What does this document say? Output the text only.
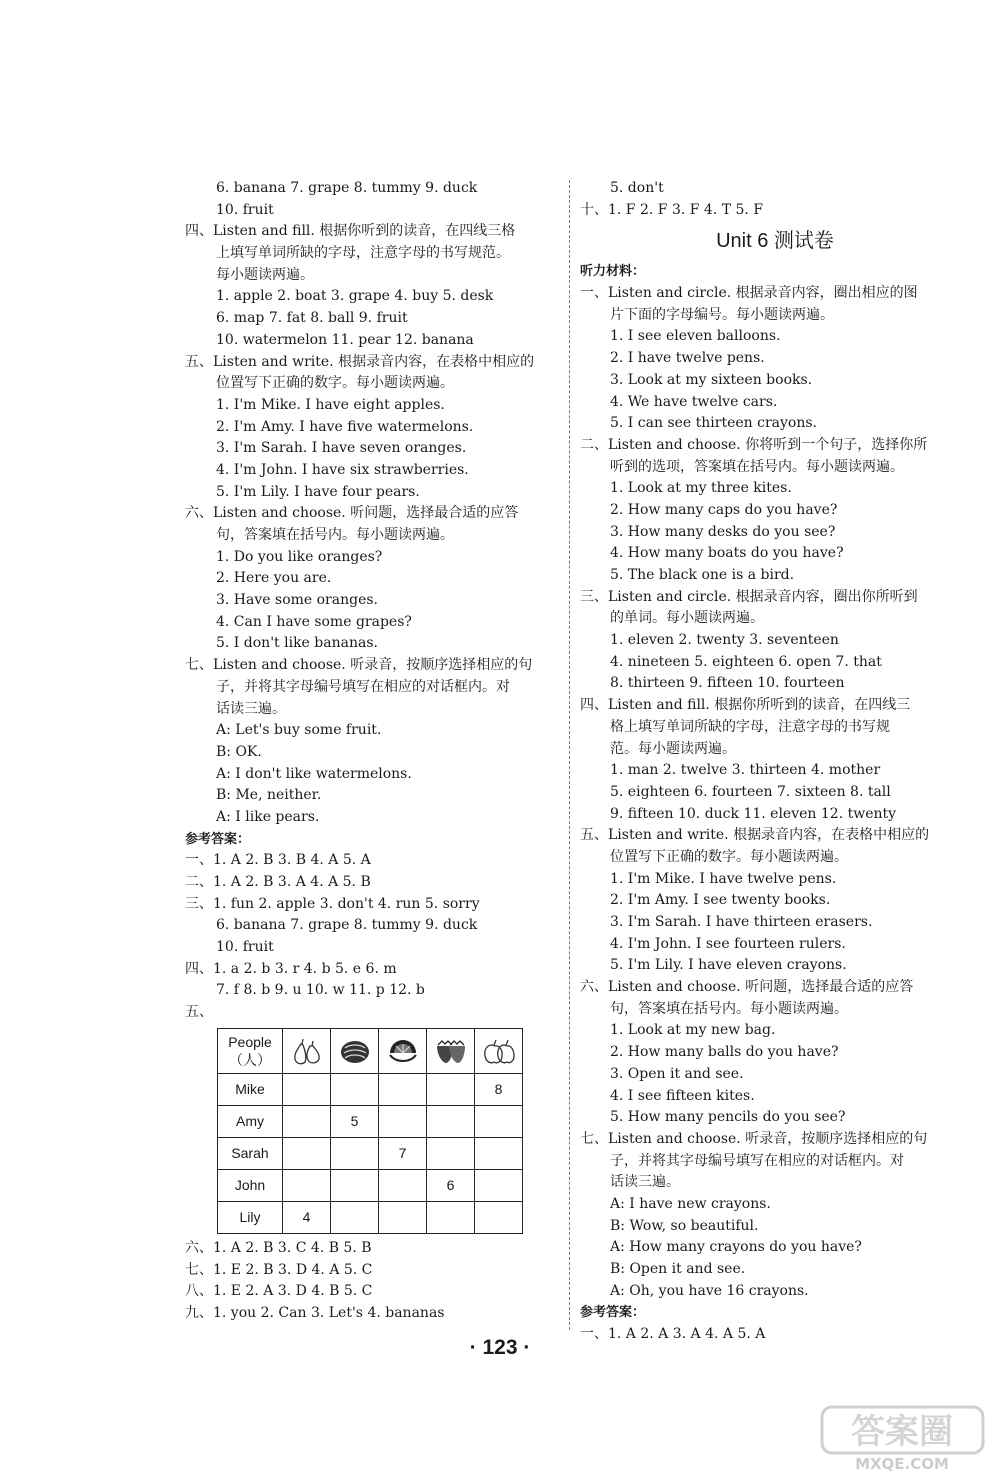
6. banana 7. grape 8. tummy 9. duck
10. fruit
四、Listen and fill. 根据你听到的读音，在四线三格
上填写单词所缺的字母，注意字母的书写规范。
每小题读两遍。
1. apple 2. boat 3. grape 4. buy 5. desk
6. map 7. fat 8. ball 9. fruit
10. watermelon 11. pear 12. banana
五、Listen and write. 根据录音内容，在表格中相应的
位置写下正确的数字。每小题读两遍。
1. I'm Mike. I have eight apples.
2. I'm Amy. I have five watermelons.
3. I'm Sarah. I have seven oranges.
4. I'm John. I have six strawberries.
5. I'm Lily. I have four pears.
六、Listen and choose. 听问题，选择最合适的应答
句，答案填在括号内。每小题读两遍。
1. Do you like oranges?
2. Here you are.
3. Have some oranges.
4. Can I have some grapes?
5. I don't like bananas.
七、Listen and choose. 听录音，按顺序选择相应的句
子，并将其字母编号填写在相应的对话框内。对
话读三遍。
A: Let's buy some fruit.
B: OK.
A: I don't like watermelons.
B: Me, neither.
A: I like pears.
参考答案：
一、1. A 2. B 3. B 4. A 5. A
二、1. A 2. B 3. A 4. A 5. B
三、1. fun 2. apple 3. don't 4. run 5. sorry
6. banana 7. grape 8. tummy 9. duck
10. fruit
四、1. a 2. b 3. r 4. b 5. e 6. m
7. f 8. b 9. u 10. w 11. p 12. b
五、
People
（人）	

Mike					8
Amy		5			
Sarah			7		
John				6	
Lily	4				
六、1. A 2. B 3. C 4. B 5. B
七、1. E 2. B 3. D 4. A 5. C
八、1. E 2. A 3. D 4. B 5. C
九、1. you 2. Can 3. Let's 4. bananas
5. don't
十、1. F 2. F 3. F 4. T 5. F
Unit 6 测试卷
听力材料：
一、Listen and circle. 根据录音内容，圈出相应的图
片下面的字母编号。每小题读两遍。
1. I see eleven balloons.
2. I have twelve pens.
3. Look at my sixteen books.
4. We have twelve cars.
5. I can see thirteen crayons.
二、Listen and choose. 你将听到一个句子，选择你所
听到的选项，答案填在括号内。每小题读两遍。
1. Look at my three kites.
2. How many caps do you have?
3. How many desks do you see?
4. How many boats do you have?
5. The black one is a bird.
三、Listen and circle. 根据录音内容，圈出你所听到
的单词。每小题读两遍。
1. eleven 2. twenty 3. seventeen
4. nineteen 5. eighteen 6. open 7. that
8. thirteen 9. fifteen 10. fourteen
四、Listen and fill. 根据你所听到的读音，在四线三
格上填写单词所缺的字母，注意字母的书写规
范。每小题读两遍。
1. man 2. twelve 3. thirteen 4. mother
5. eighteen 6. fourteen 7. sixteen 8. tall
9. fifteen 10. duck 11. eleven 12. twenty
五、Listen and write. 根据录音内容，在表格中相应的
位置写下正确的数字。每小题读两遍。
1. I'm Mike. I have twelve pens.
2. I'm Amy. I see twenty books.
3. I'm Sarah. I have thirteen erasers.
4. I'm John. I see fourteen rulers.
5. I'm Lily. I have eleven crayons.
六、Listen and choose. 听问题，选择最合适的应答
句，答案填在括号内。每小题读两遍。
1. Look at my new bag.
2. How many balls do you have?
3. Open it and see.
4. I see fifteen kites.
5. How many pencils do you see?
七、Listen and choose. 听录音，按顺序选择相应的句
子，并将其字母编号填写在相应的对话框内。对
话读三遍。
A: I have new crayons.
B: Wow, so beautiful.
A: How many crayons do you have?
B: Open it and see.
A: Oh, you have 16 crayons.
参考答案：
一、1. A 2. A 3. A 4. A 5. A
· 123 ·
答案圈
MXQE.COM
